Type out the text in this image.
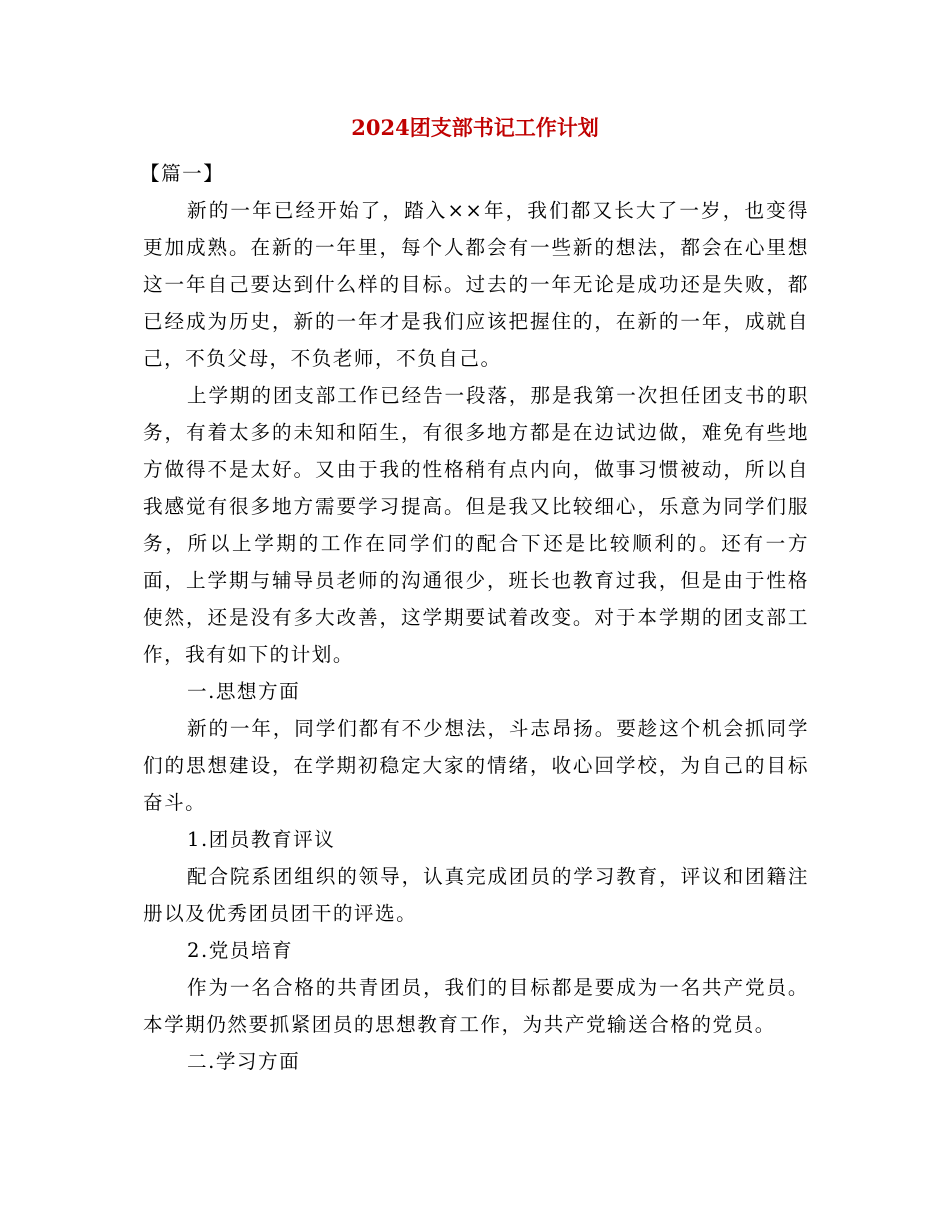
2024团支部书记工作计划

【篇一】

新的一年已经开始了，踏入××年，我们都又长大了一岁，也变得更加成熟。在新的一年里，每个人都会有一些新的想法，都会在心里想这一年自己要达到什么样的目标。过去的一年无论是成功还是失败，都已经成为历史，新的一年才是我们应该把握住的，在新的一年，成就自己，不负父母，不负老师，不负自己。

上学期的团支部工作已经告一段落，那是我第一次担任团支书的职务，有着太多的未知和陌生，有很多地方都是在边试边做，难免有些地方做得不是太好。又由于我的性格稍有点内向，做事习惯被动，所以自我感觉有很多地方需要学习提高。但是我又比较细心，乐意为同学们服务，所以上学期的工作在同学们的配合下还是比较顺利的。还有一方面，上学期与辅导员老师的沟通很少，班长也教育过我，但是由于性格使然，还是没有多大改善，这学期要试着改变。对于本学期的团支部工作，我有如下的计划。

一.思想方面

新的一年，同学们都有不少想法，斗志昂扬。要趁这个机会抓同学们的思想建设，在学期初稳定大家的情绪，收心回学校，为自己的目标奋斗。

1.团员教育评议

配合院系团组织的领导，认真完成团员的学习教育，评议和团籍注册以及优秀团员团干的评选。

2.党员培育

作为一名合格的共青团员，我们的目标都是要成为一名共产党员。本学期仍然要抓紧团员的思想教育工作，为共产党输送合格的党员。

二.学习方面
